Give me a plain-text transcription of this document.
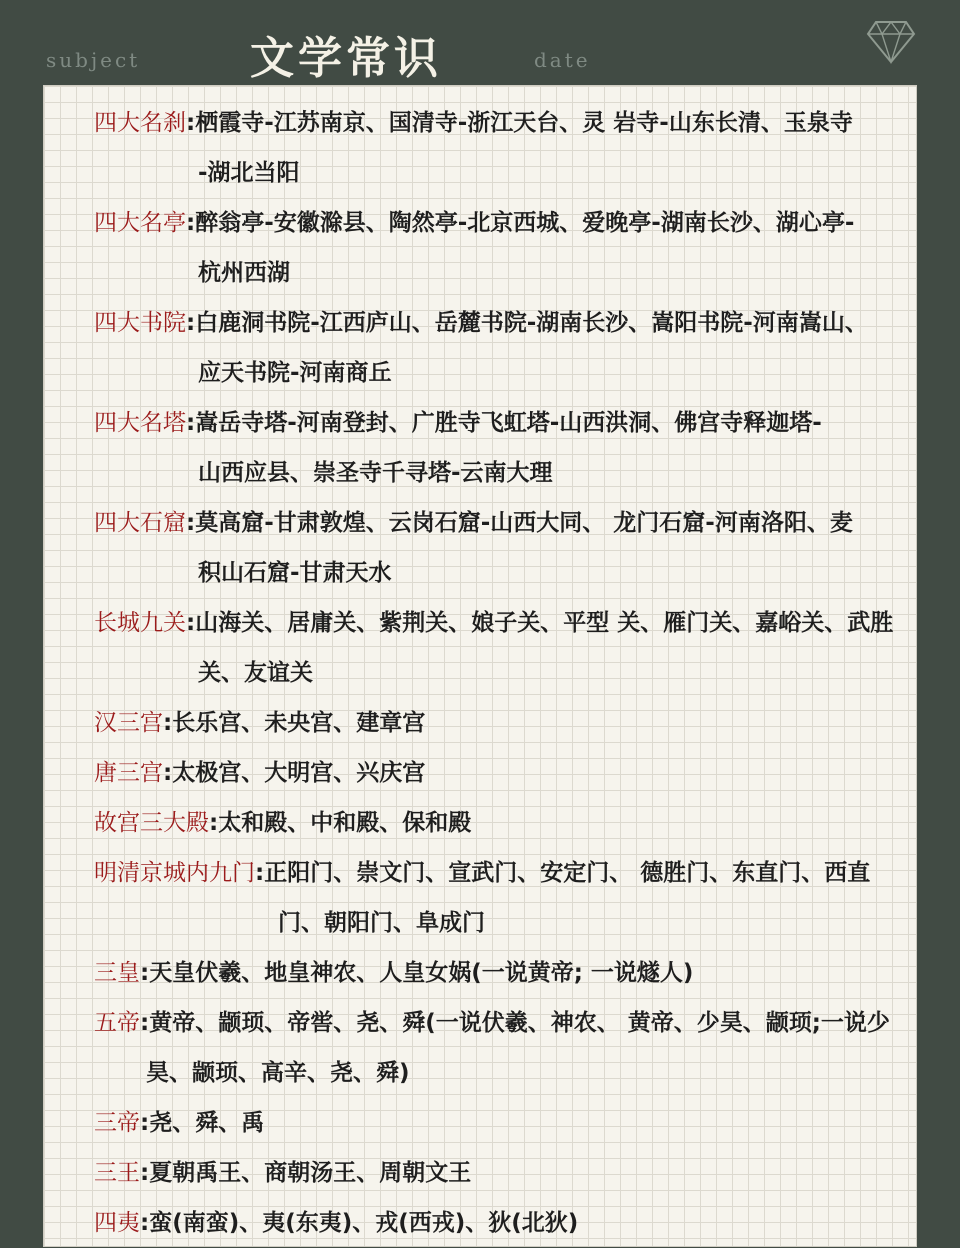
subject 文学常识	date
四大名刹:栖霞寺-江苏南京、国清寺-浙江天台、灵 岩寺-山东长清、玉泉寺
-湖北当阳
四大名亭:醉翁亭-安徽滁县、陶然亭-北京西城、爱晚亭-湖南长沙、湖心亭-
杭州西湖
四大书院:白鹿洞书院-江西庐山、岳麓书院-湖南长沙、嵩阳书院-河南嵩山、
应天书院-河南商丘
四大名塔:嵩岳寺塔-河南登封、广胜寺飞虹塔-山西洪洞、佛宫寺释迦塔-
山西应县、崇圣寺千寻塔-云南大理
四大石窟:莫高窟-甘肃敦煌、云岗石窟-山西大同、 龙门石窟-河南洛阳、麦
积山石窟-甘肃天水
长城九关:山海关、居庸关、紫荆关、娘子关、平型 关、雁门关、嘉峪关、武胜
关、友谊关
汉三宫:长乐宫、未央宫、建章宫
唐三宫:太极宫、大明宫、兴庆宫
故宫三大殿:太和殿、中和殿、保和殿
明清京城内九门:正阳门、崇文门、宣武门、安定门、 德胜门、东直门、西直
门、朝阳门、阜成门
三皇:天皇伏羲、地皇神农、人皇女娲(一说黄帝; 一说燧人)
五帝:黄帝、颛顼、帝喾、尧、舜(一说伏羲、神农、 黄帝、少昊、颛顼;一说少
昊、颛顼、高辛、尧、舜)
三帝:尧、舜、禹
三王:夏朝禹王、商朝汤王、周朝文王
四夷:蛮(南蛮)、夷(东夷)、戎(西戎)、狄(北狄)
